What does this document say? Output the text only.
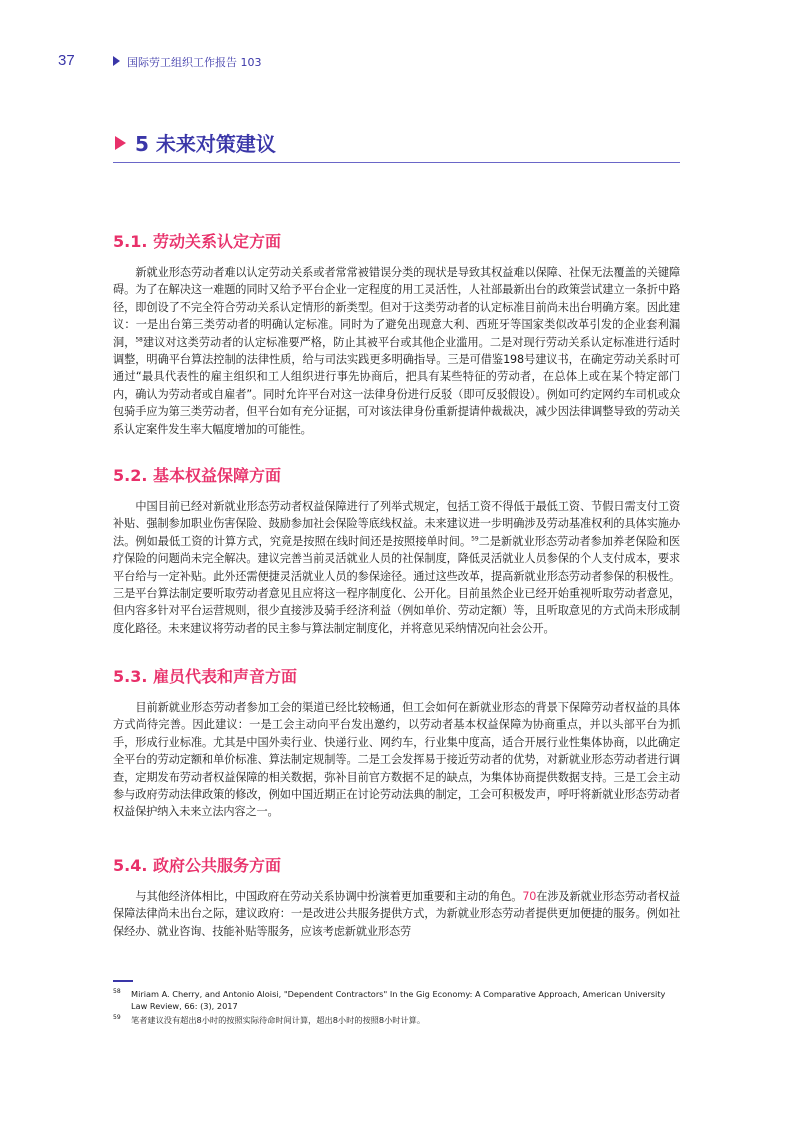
37	国际劳工组织工作报告 103
5 未来对策建议
5.1. 劳动关系认定方面

新就业形态劳动者难以认定劳动关系或者常常被错误分类的现状是导致其权益难以保障、社保无法覆盖的关键障碍。为了在解决这一难题的同时又给予平台企业一定程度的用工灵活性，人社部最新出台的政策尝试建立一条折中路径，即创设了不完全符合劳动关系认定情形的新类型。但对于这类劳动者的认定标准目前尚未出台明确方案。因此建议：一是出台第三类劳动者的明确认定标准。同时为了避免出现意大利、西班牙等国家类似改革引发的企业套利漏洞，$^{58}$建议对这类劳动者的认定标准要严格，防止其被平台或其他企业滥用。二是对现行劳动关系认定标准进行适时调整，明确平台算法控制的法律性质，给与司法实践更多明确指导。三是可借鉴198号建议书，在确定劳动关系时可通过“最具代表性的雇主组织和工人组织进行事先协商后，把具有某些特征的劳动者，在总体上或在某个特定部门内，确认为劳动者或自雇者”。同时允许平台对这一法律身份进行反驳（即可反驳假设）。例如可约定网约车司机或众包骑手应为第三类劳动者，但平台如有充分证据，可对该法律身份重新提请仲裁裁决，减少因法律调整导致的劳动关系认定案件发生率大幅度增加的可能性。

5.2. 基本权益保障方面

中国目前已经对新就业形态劳动者权益保障进行了列举式规定，包括工资不得低于最低工资、节假日需支付工资补贴、强制参加职业伤害保险、鼓励参加社会保险等底线权益。未来建议进一步明确涉及劳动基准权利的具体实施办法。例如最低工资的计算方式，究竟是按照在线时间还是按照接单时间。$^{59}$二是新就业形态劳动者参加养老保险和医疗保险的问题尚未完全解决。建议完善当前灵活就业人员的社保制度，降低灵活就业人员参保的个人支付成本，要求平台给与一定补贴。此外还需便捷灵活就业人员的参保途径。通过这些改革，提高新就业形态劳动者参保的积极性。三是平台算法制定要听取劳动者意见且应将这一程序制度化、公开化。目前虽然企业已经开始重视听取劳动者意见，但内容多针对平台运营规则，很少直接涉及骑手经济利益（例如单价、劳动定额）等，且听取意见的方式尚未形成制度化路径。未来建议将劳动者的民主参与算法制定制度化，并将意见采纳情况向社会公开。

5.3. 雇员代表和声音方面

目前新就业形态劳动者参加工会的渠道已经比较畅通，但工会如何在新就业形态的背景下保障劳动者权益的具体方式尚待完善。因此建议：一是工会主动向平台发出邀约，以劳动者基本权益保障为协商重点，并以头部平台为抓手，形成行业标准。尤其是中国外卖行业、快递行业、网约车，行业集中度高，适合开展行业性集体协商，以此确定全平台的劳动定额和单价标准、算法制定规制等。二是工会发挥易于接近劳动者的优势，对新就业形态劳动者进行调查，定期发布劳动者权益保障的相关数据，弥补目前官方数据不足的缺点，为集体协商提供数据支持。三是工会主动参与政府劳动法律政策的修改，例如中国近期正在讨论劳动法典的制定，工会可积极发声，呼吁将新就业形态劳动者权益保护纳入未来立法内容之一。

5.4. 政府公共服务方面

与其他经济体相比，中国政府在劳动关系协调中扮演着更加重要和主动的角色。70在涉及新就业形态劳动者权益保障法律尚未出台之际，建议政府：一是改进公共服务提供方式，为新就业形态劳动者提供更加便捷的服务。例如社保经办、就业咨询、技能补贴等服务，应该考虑新就业形态劳

58 Miriam A. Cherry, and Antonio Aloisi, "Dependent Contractors" In the Gig Economy: A Comparative Approach, American University Law Review, 66: (3), 2017
59 笔者建议没有超出8小时的按照实际待命时间计算，超出8小时的按照8小时计算。
